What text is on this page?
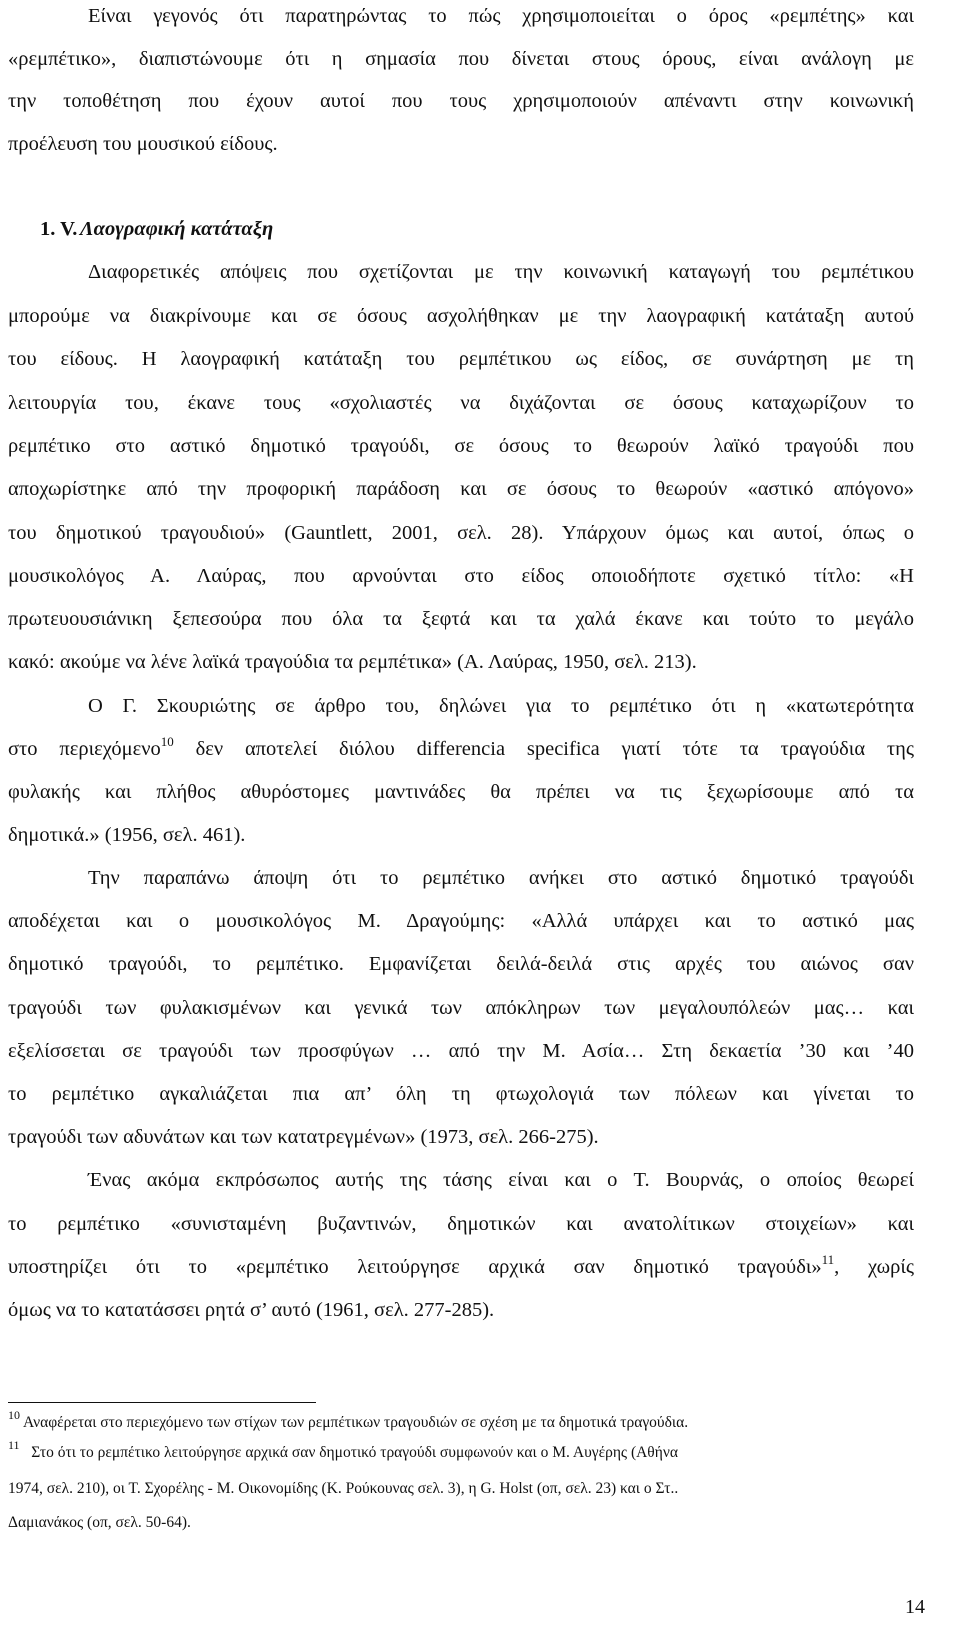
Είναι γεγονός ότι παρατηρώντας το πώς χρησιμοποιείται ο όρος «ρεμπέτης» και
«ρεμπέτικο», διαπιστώνουμε ότι η σημασία που δίνεται στους όρους, είναι ανάλογη με
την τοποθέτηση που έχουν αυτοί που τους χρησιμοποιούν απέναντι στην κοινωνική
προέλευση του μουσικού είδους.
1. V. Λαογραφική κατάταξη
Διαφορετικές απόψεις που σχετίζονται με την κοινωνική καταγωγή του ρεμπέτικου
μπορούμε να διακρίνουμε και σε όσους ασχολήθηκαν με την λαογραφική κατάταξη αυτού
του είδους. Η λαογραφική κατάταξη του ρεμπέτικου ως είδος, σε συνάρτηση με τη
λειτουργία του, έκανε τους «σχολιαστές να διχάζονται σε όσους καταχωρίζουν το
ρεμπέτικο στο αστικό δημοτικό τραγούδι, σε όσους το θεωρούν λαϊκό τραγούδι που
αποχωρίστηκε από την προφορική παράδοση και σε όσους το θεωρούν «αστικό απόγονο»
του δημοτικού τραγουδιού» (Gauntlett, 2001, σελ. 28). Υπάρχουν όμως και αυτοί, όπως ο
μουσικολόγος Α. Λαύρας, που αρνούνται στο είδος οποιοδήποτε σχετικό τίτλο: «Η
πρωτευουσιάνικη ξεπεσούρα που όλα τα ξεφτά και τα χαλά έκανε και τούτο το μεγάλο
κακό: ακούμε να λένε λαϊκά τραγούδια τα ρεμπέτικα» (Α. Λαύρας, 1950, σελ. 213).
Ο Γ. Σκουριώτης σε άρθρο του, δηλώνει για το ρεμπέτικο ότι η «κατωτερότητα
στο περιεχόμενο$^{10}$ δεν αποτελεί διόλου differencia specifica γιατί τότε τα τραγούδια της
φυλακής και πλήθος αθυρόστομες μαντινάδες θα πρέπει να τις ξεχωρίσουμε από τα
δημοτικά.» (1956, σελ. 461).
Την παραπάνω άποψη ότι το ρεμπέτικο ανήκει στο αστικό δημοτικό τραγούδι
αποδέχεται και ο μουσικολόγος Μ. Δραγούμης: «Αλλά υπάρχει και το αστικό μας
δημοτικό τραγούδι, το ρεμπέτικο. Εμφανίζεται δειλά-δειλά στις αρχές του αιώνος σαν
τραγούδι των φυλακισμένων και γενικά των απόκληρων των μεγαλουπόλεών μας… και
εξελίσσεται σε τραγούδι των προσφύγων … από την Μ. Ασία… Στη δεκαετία ’30 και ’40
το ρεμπέτικο αγκαλιάζεται πια απ’ όλη τη φτωχολογιά των πόλεων και γίνεται το
τραγούδι των αδυνάτων και των κατατρεγμένων» (1973, σελ. 266-275).
Ένας ακόμα εκπρόσωπος αυτής της τάσης είναι και ο Τ. Βουρνάς, ο οποίος θεωρεί
το ρεμπέτικο «συνισταμένη βυζαντινών, δημοτικών και ανατολίτικων στοιχείων» και
υποστηρίζει ότι το «ρεμπέτικο λειτούργησε αρχικά σαν δημοτικό τραγούδι»$^{11}$, χωρίς
όμως να το κατατάσσει ρητά σ’ αυτό (1961, σελ. 277-285).
$^{10}$ Αναφέρεται στο περιεχόμενο των στίχων των ρεμπέτικων τραγουδιών σε σχέση με τα δημοτικά τραγούδια.
$^{11}$ Στο ότι το ρεμπέτικο λειτούργησε αρχικά σαν δημοτικό τραγούδι συμφωνούν και ο Μ. Αυγέρης (Αθήνα
1974, σελ. 210), οι Τ. Σχορέλης - Μ. Οικονομίδης (Κ. Ρούκουνας σελ. 3), η G. Holst (οπ, σελ. 23) και ο Στ..
Δαμιανάκος (οπ, σελ. 50-64).
14
